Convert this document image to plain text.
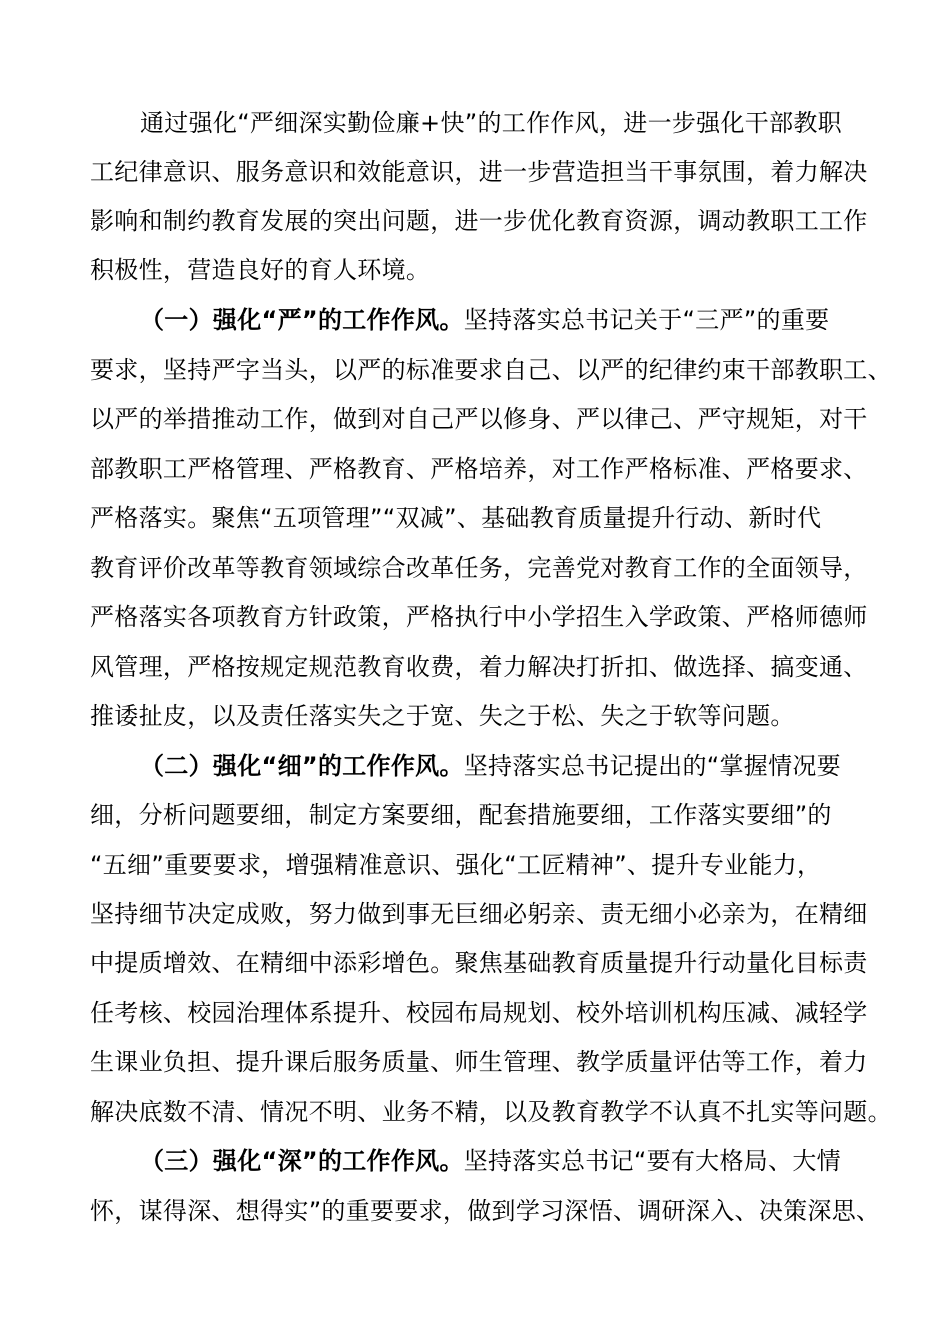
通过强化“严细深实勤俭廉+快”的工作作风，进一步强化干部教职
工纪律意识、服务意识和效能意识，进一步营造担当干事氛围，着力解决
影响和制约教育发展的突出问题，进一步优化教育资源，调动教职工工作
积极性，营造良好的育人环境。
（一）强化“严”的工作作风。坚持落实总书记关于“三严”的重要
要求，坚持严字当头，以严的标准要求自己、以严的纪律约束干部教职工、
以严的举措推动工作，做到对自己严以修身、严以律己、严守规矩，对干
部教职工严格管理、严格教育、严格培养，对工作严格标准、严格要求、
严格落实。聚焦“五项管理”“双减”、基础教育质量提升行动、新时代
教育评价改革等教育领域综合改革任务，完善党对教育工作的全面领导，
严格落实各项教育方针政策，严格执行中小学招生入学政策、严格师德师
风管理，严格按规定规范教育收费，着力解决打折扣、做选择、搞变通、
推诿扯皮，以及责任落实失之于宽、失之于松、失之于软等问题。
（二）强化“细”的工作作风。坚持落实总书记提出的“掌握情况要
细，分析问题要细，制定方案要细，配套措施要细，工作落实要细”的
“五细”重要要求，增强精准意识、强化“工匠精神”、提升专业能力，
坚持细节决定成败，努力做到事无巨细必躬亲、责无细小必亲为，在精细
中提质增效、在精细中添彩增色。聚焦基础教育质量提升行动量化目标责
任考核、校园治理体系提升、校园布局规划、校外培训机构压减、减轻学
生课业负担、提升课后服务质量、师生管理、教学质量评估等工作，着力
解决底数不清、情况不明、业务不精，以及教育教学不认真不扎实等问题。
（三）强化“深”的工作作风。坚持落实总书记“要有大格局、大情
怀，谋得深、想得实”的重要要求，做到学习深悟、调研深入、决策深思、
